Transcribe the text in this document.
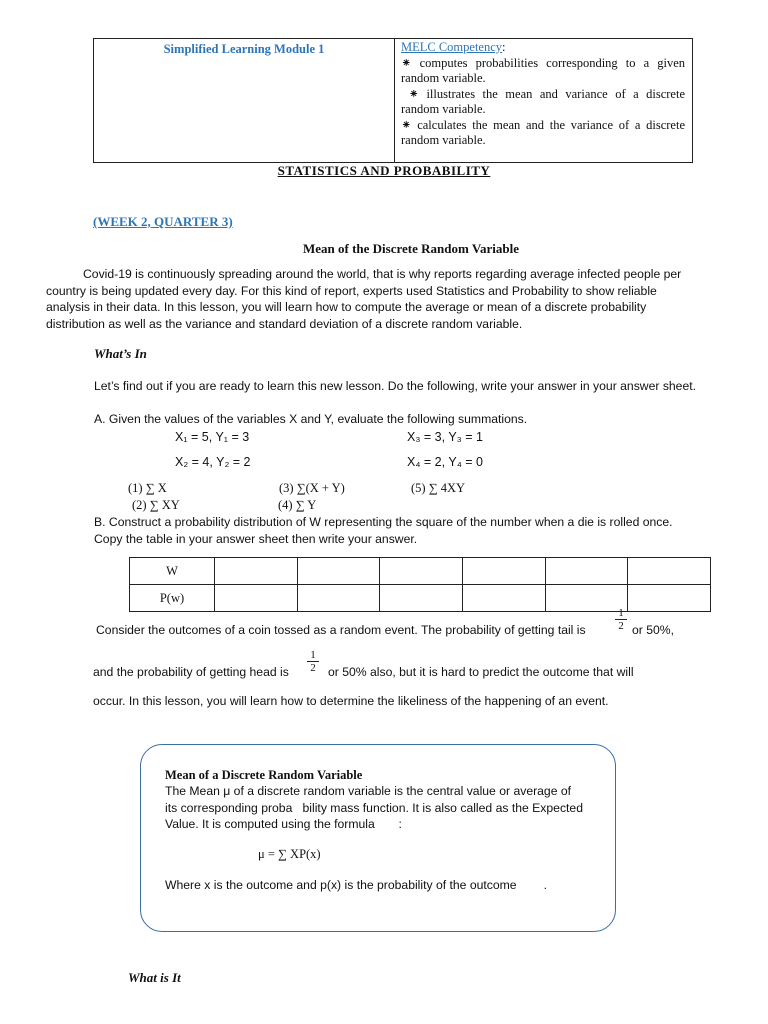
Simplified Learning Module 1	MELC Competency:
⁕ computes probabilities corresponding to a given random variable.
⁕ illustrates the mean and variance of a discrete random variable.
⁕ calculates the mean and the variance of a discrete random variable.
STATISTICS AND PROBABILITY
(WEEK 2, QUARTER 3)
Mean of the Discrete Random Variable
Covid-19 is continuously spreading around the world, that is why reports regarding average infected people per country is being updated every day. For this kind of report, experts used Statistics and Probability to show reliable analysis in their data. In this lesson, you will learn how to compute the average or mean of a discrete probability distribution as well as the variance and standard deviation of a discrete random variable.
What’s In
Let’s find out if you are ready to learn this new lesson. Do the following, write your answer in your answer sheet.
A. Given the values of the variables X and Y, evaluate the following summations.
X₁ = 5, Y₁ = 3	X₃ = 3, Y₃ = 1
X₂ = 4, Y₂ = 2	X₄ = 2, Y₄ = 0
(1) ∑ X	(3) ∑(X + Y)	(5) ∑ 4XY
(2) ∑ XY	(4) ∑ Y
B. Construct a probability distribution of W representing the square of the number when a die is rolled once. Copy the table in your answer sheet then write your answer.
W						
P(w)						
Consider the outcomes of a coin tossed as a random event. The probability of getting tail is	$\frac{1}{2}$ or 50%,
and the probability of getting head is $\frac{1}{2}$ or 50% also, but it is hard to predict the outcome that will
occur. In this lesson, you will learn how to determine the likeliness of the happening of an event.
Mean of a Discrete Random Variable
The Mean μ of a discrete random variable is the central value or average of its corresponding proba   bility mass function. It is also called as the Expected Value. It is computed using the formula       :
μ = ∑ XP(x)
Where x is the outcome and p(x) is the probability of the outcome        .
What is It
